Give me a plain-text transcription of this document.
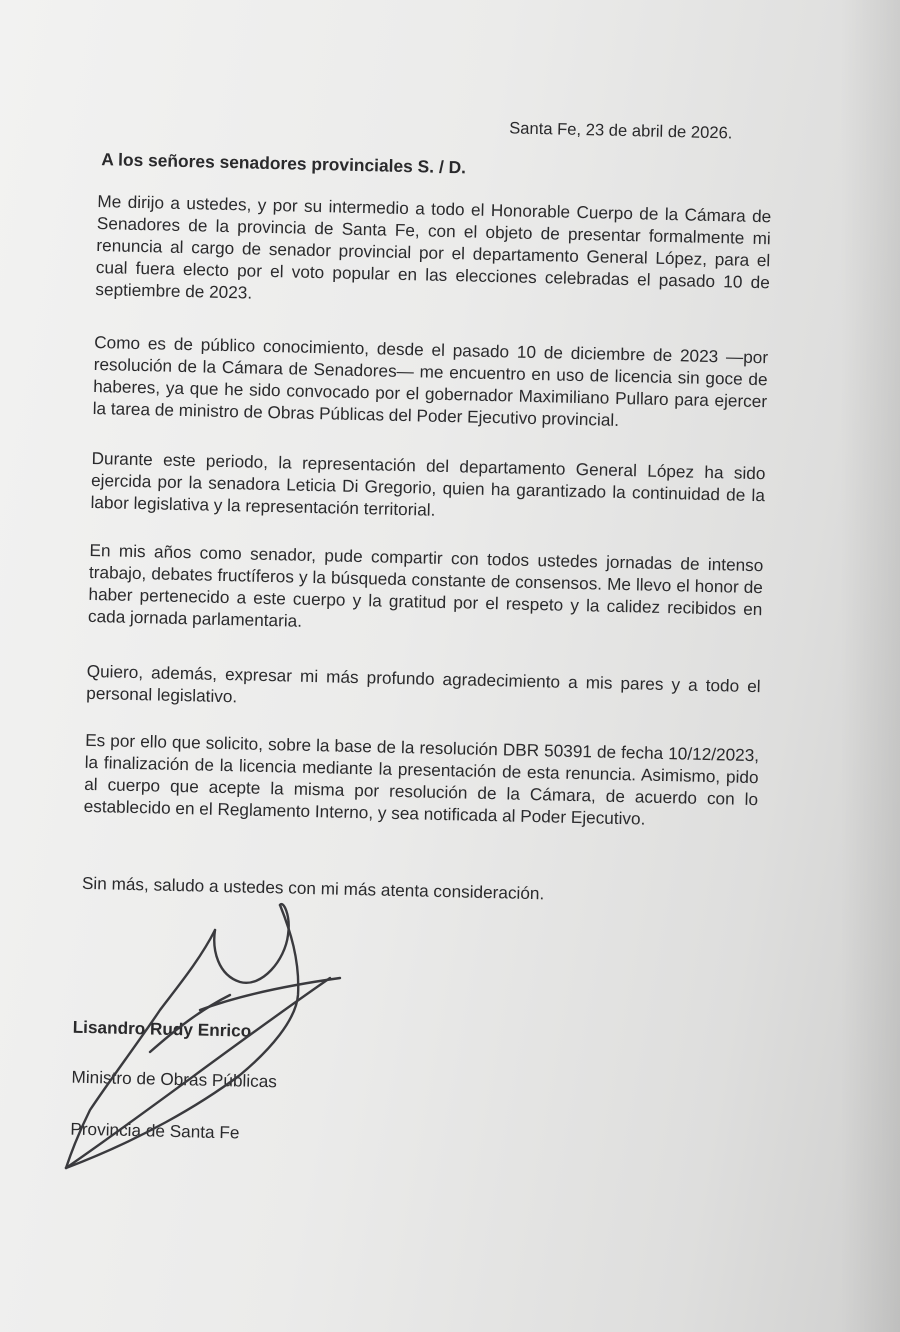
Santa Fe, 23 de abril de 2026.
A los señores senadores provinciales S. / D.
Me dirijo a ustedes, y por su intermedio a todo el Honorable Cuerpo de la Cámara de Senadores de la provincia de Santa Fe, con el objeto de presentar formalmente mi renuncia al cargo de senador provincial por el departamento General López, para el cual fuera electo por el voto popular en las elecciones celebradas el pasado 10 de septiembre de 2023.
Como es de público conocimiento, desde el pasado 10 de diciembre de 2023 —por resolución de la Cámara de Senadores— me encuentro en uso de licencia sin goce de haberes, ya que he sido convocado por el gobernador Maximiliano Pullaro para ejercer la tarea de ministro de Obras Públicas del Poder Ejecutivo provincial.
Durante este periodo, la representación del departamento General López ha sido ejercida por la senadora Leticia Di Gregorio, quien ha garantizado la continuidad de la labor legislativa y la representación territorial.
En mis años como senador, pude compartir con todos ustedes jornadas de intenso trabajo, debates fructíferos y la búsqueda constante de consensos. Me llevo el honor de haber pertenecido a este cuerpo y la gratitud por el respeto y la calidez recibidos en cada jornada parlamentaria.
Quiero, además, expresar mi más profundo agradecimiento a mis pares y a todo el personal legislativo.
Es por ello que solicito, sobre la base de la resolución DBR 50391 de fecha 10/12/2023, la finalización de la licencia mediante la presentación de esta renuncia. Asimismo, pido al cuerpo que acepte la misma por resolución de la Cámara, de acuerdo con lo establecido en el Reglamento Interno, y sea notificada al Poder Ejecutivo.
Sin más, saludo a ustedes con mi más atenta consideración.
Lisandro Rudy Enrico
Ministro de Obras Públicas
Provincia de Santa Fe
